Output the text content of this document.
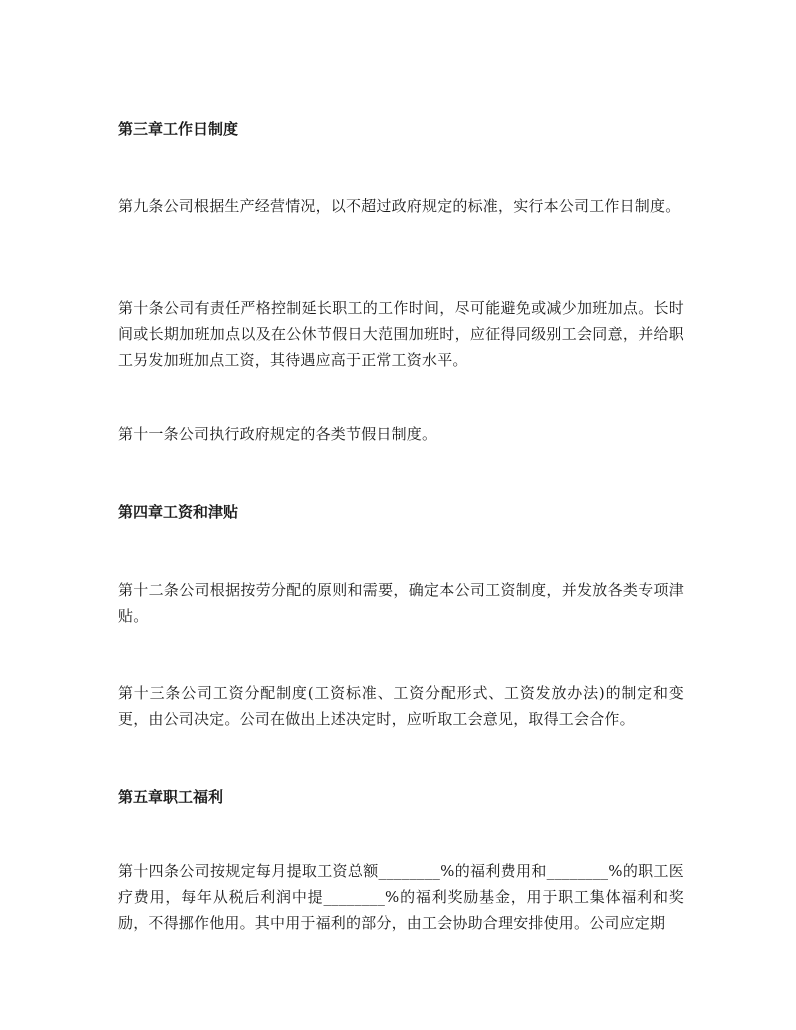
第三章工作日制度

第九条公司根据生产经营情况，以不超过政府规定的标准，实行本公司工作日制度。

第十条公司有责任严格控制延长职工的工作时间，尽可能避免或减少加班加点。长时间或长期加班加点以及在公休节假日大范围加班时，应征得同级别工会同意，并给职工另发加班加点工资，其待遇应高于正常工资水平。

第十一条公司执行政府规定的各类节假日制度。

第四章工资和津贴

第十二条公司根据按劳分配的原则和需要，确定本公司工资制度，并发放各类专项津贴。

第十三条公司工资分配制度(工资标准、工资分配形式、工资发放办法)的制定和变更，由公司决定。公司在做出上述决定时，应听取工会意见，取得工会合作。

第五章职工福利

第十四条公司按规定每月提取工资总额________%的福利费用和________%的职工医疗费用，每年从税后利润中提________%的福利奖励基金，用于职工集体福利和奖励，不得挪作他用。其中用于福利的部分，由工会协助合理安排使用。公司应定期
